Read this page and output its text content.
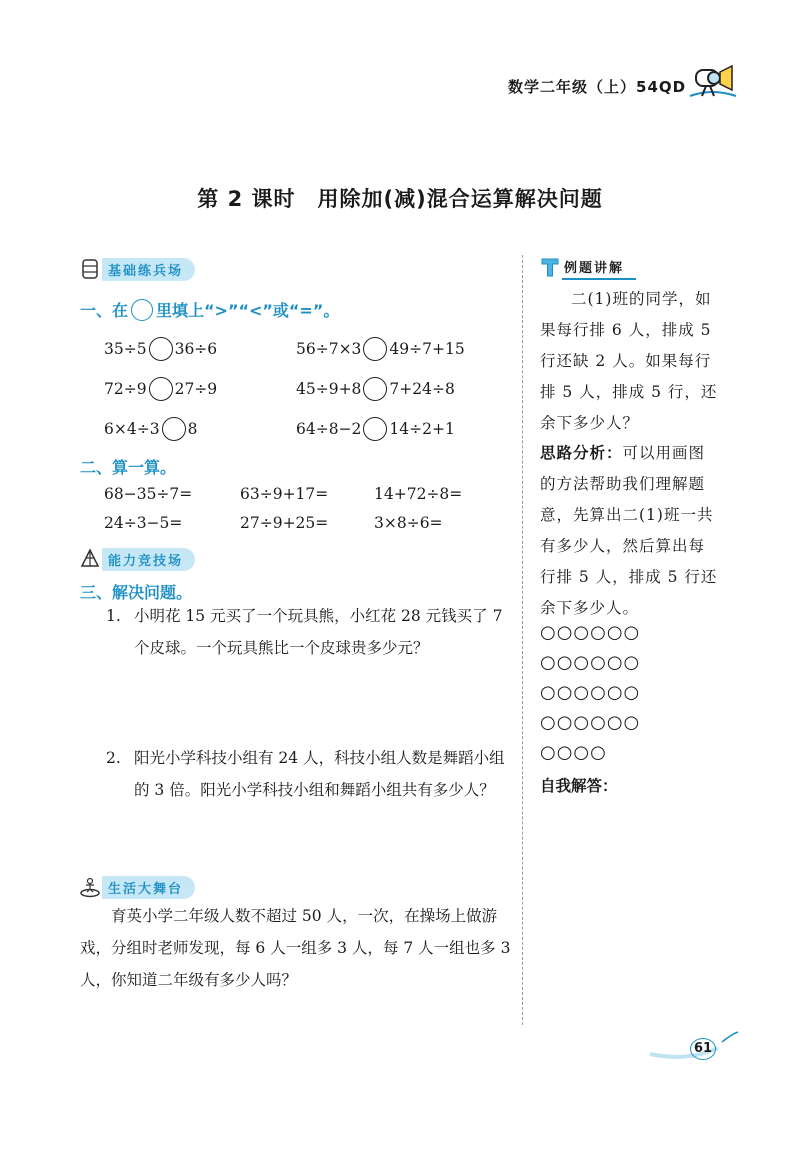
数学二年级（上）54QD
第 2 课时　用除加(减)混合运算解决问题
基础练兵场
一、在 里填上“>”“<”或“=”。
35÷5 36÷6	56÷7×3 49÷7+15
72÷9 27÷9	45÷9+8 7+24÷8
6×4÷3 8	64÷8−2 14÷2+1
二、算一算。
68−35÷7=	63÷9+17=	14+72÷8=
24÷3−5=	27÷9+25=	3×8÷6=
能力竞技场
三、解决问题。
1. 小明花 15 元买了一个玩具熊，小红花 28 元钱买了 7 个皮球。一个玩具熊比一个皮球贵多少元？
2. 阳光小学科技小组有 24 人，科技小组人数是舞蹈小组的 3 倍。阳光小学科技小组和舞蹈小组共有多少人？
生活大舞台
育英小学二年级人数不超过 50 人，一次，在操场上做游戏，分组时老师发现，每 6 人一组多 3 人，每 7 人一组也多 3 人，你知道二年级有多少人吗？
例题讲解
二(1)班的同学，如果每行排 6 人，排成 5 行还缺 2 人。如果每行排 5 人，排成 5 行，还余下多少人？
思路分析：可以用画图的方法帮助我们理解题意，先算出二(1)班一共有多少人，然后算出每行排 5 人，排成 5 行还余下多少人。
○○○○○○
○○○○○○
○○○○○○
○○○○○○
○○○○
自我解答：
61
